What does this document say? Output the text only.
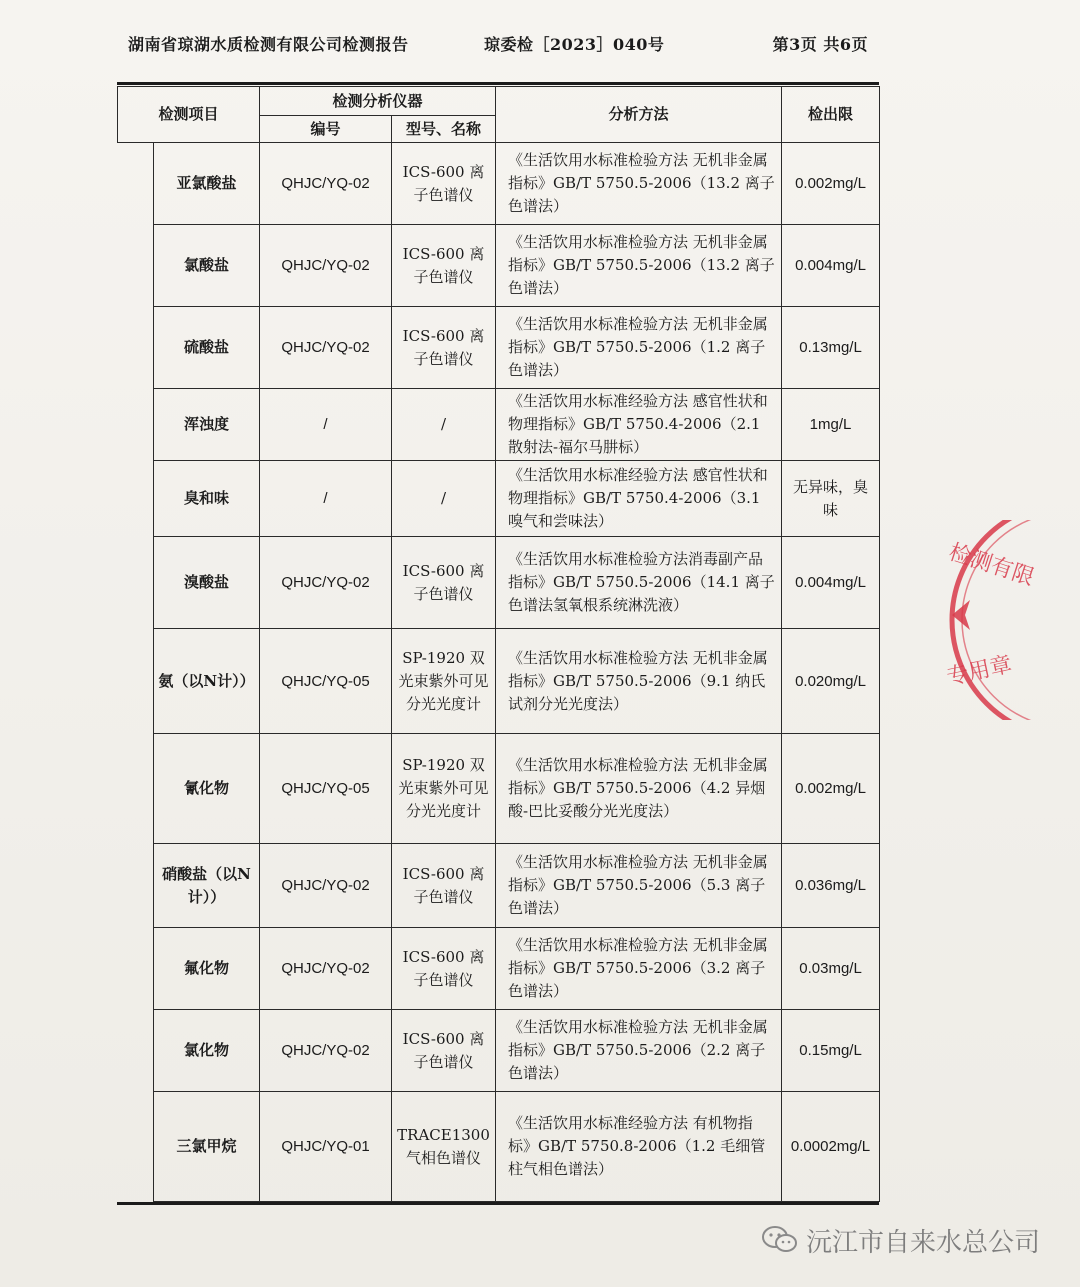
湖南省琼湖水质检测有限公司检测报告	琼委检［2023］040号	第3页 共6页
检测项目		检测分析仪器		分析方法	检出限
		编号	型号、名称		
	亚氯酸盐	QHJC/YQ-02	ICS-600 离子色谱仪	《生活饮用水标准检验方法 无机非金属指标》GB/T 5750.5-2006（13.2 离子色谱法）	0.002mg/L
	氯酸盐	QHJC/YQ-02	ICS-600 离子色谱仪	《生活饮用水标准检验方法 无机非金属指标》GB/T 5750.5-2006（13.2 离子色谱法）	0.004mg/L
	硫酸盐	QHJC/YQ-02	ICS-600 离子色谱仪	《生活饮用水标准检验方法 无机非金属指标》GB/T 5750.5-2006（1.2 离子色谱法）	0.13mg/L
	浑浊度	/	/	《生活饮用水标准经验方法 感官性状和物理指标》GB/T 5750.4-2006（2.1 散射法-福尔马肼标）	1mg/L
	臭和味	/	/	《生活饮用水标准经验方法 感官性状和物理指标》GB/T 5750.4-2006（3.1 嗅气和尝味法）	无异味，臭味
	溴酸盐	QHJC/YQ-02	ICS-600 离子色谱仪	《生活饮用水标准检验方法消毒副产品指标》GB/T 5750.5-2006（14.1 离子色谱法氢氧根系统淋洗液）	0.004mg/L
	氨（以N计））	QHJC/YQ-05	SP-1920 双光束紫外可见分光光度计	《生活饮用水标准检验方法 无机非金属指标》GB/T 5750.5-2006（9.1 纳氏试剂分光光度法）	0.020mg/L
	氰化物	QHJC/YQ-05	SP-1920 双光束紫外可见分光光度计	《生活饮用水标准检验方法 无机非金属指标》GB/T 5750.5-2006（4.2 异烟酸-巴比妥酸分光光度法）	0.002mg/L
	硝酸盐（以N计））	QHJC/YQ-02	ICS-600 离子色谱仪	《生活饮用水标准检验方法 无机非金属指标》GB/T 5750.5-2006（5.3 离子色谱法）	0.036mg/L
	氟化物	QHJC/YQ-02	ICS-600 离子色谱仪	《生活饮用水标准检验方法 无机非金属指标》GB/T 5750.5-2006（3.2 离子色谱法）	0.03mg/L
	氯化物	QHJC/YQ-02	ICS-600 离子色谱仪	《生活饮用水标准检验方法 无机非金属指标》GB/T 5750.5-2006（2.2 离子色谱法）	0.15mg/L
	三氯甲烷	QHJC/YQ-01	TRACE1300 气相色谱仪	《生活饮用水标准经验方法 有机物指标》GB/T 5750.8-2006（1.2 毛细管柱气相色谱法）	0.0002mg/L
检测有限
专用章
沅江市自来水总公司
